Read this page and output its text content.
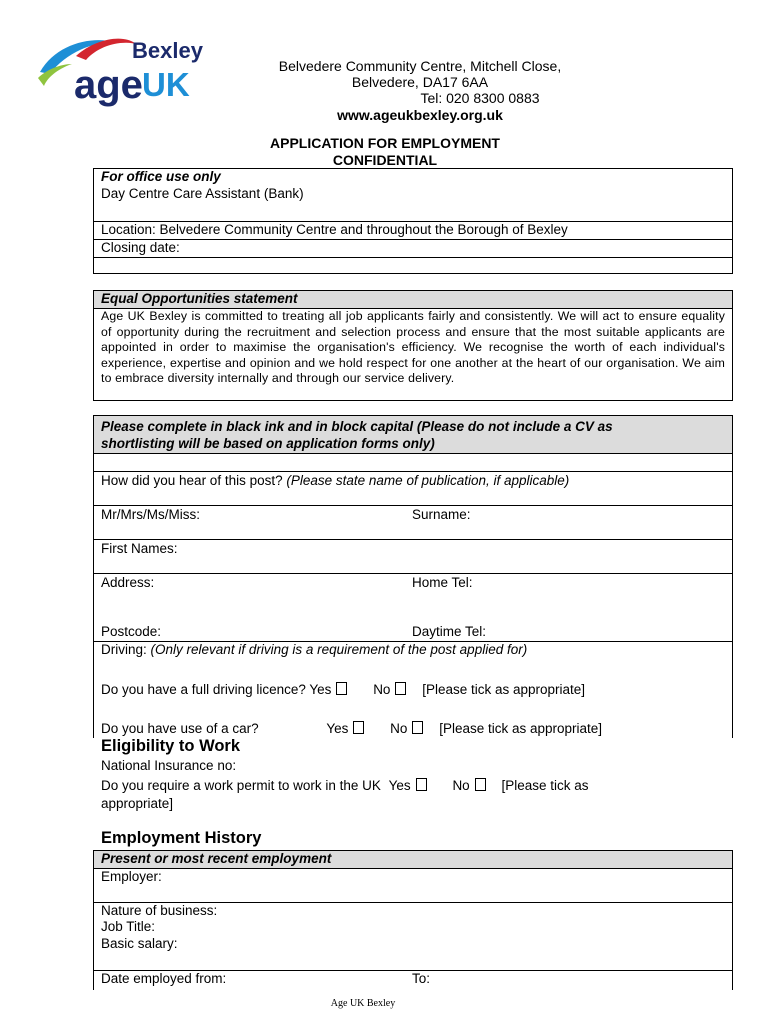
Bexley
age UK	Belvedere Community Centre, Mitchell Close,
Belvedere, DA17 6AA
Tel: 020 8300 0883
www.ageukbexley.org.uk
APPLICATION FOR EMPLOYMENT
CONFIDENTIAL
For office use only
Day Centre Care Assistant (Bank)
Location: Belvedere Community Centre and throughout the Borough of Bexley
Closing date:
Equal Opportunities statement
Age UK Bexley is committed to treating all job applicants fairly and consistently. We will act to ensure equality of opportunity during the recruitment and selection process and ensure that the most suitable applicants are appointed in order to maximise the organisation's efficiency. We recognise the worth of each individual's experience, expertise and opinion and we hold respect for one another at the heart of our organisation. We aim to embrace diversity internally and through our service delivery.
Please complete in black ink and in block capital (Please do not include a CV as
shortlisting will be based on application forms only)
How did you hear of this post? (Please state name of publication, if applicable)
Mr/Mrs/Ms/Miss:	Surname:
First Names:
Address:	Home Tel:
Postcode:	Daytime Tel:
Driving: (Only relevant if driving is a requirement of the post applied for)
Do you have a full driving licence? Yes	No [Please tick as appropriate]
Do you have use of a car?	Yes	No [Please tick as appropriate]
Eligibility to Work
National Insurance no:
Do you require a work permit to work in the UK Yes	No [Please tick as
appropriate]
Employment History
Present or most recent employment
Employer:
Nature of business:
Job Title:
Basic salary:
Date employed from:	To:
Age UK Bexley
